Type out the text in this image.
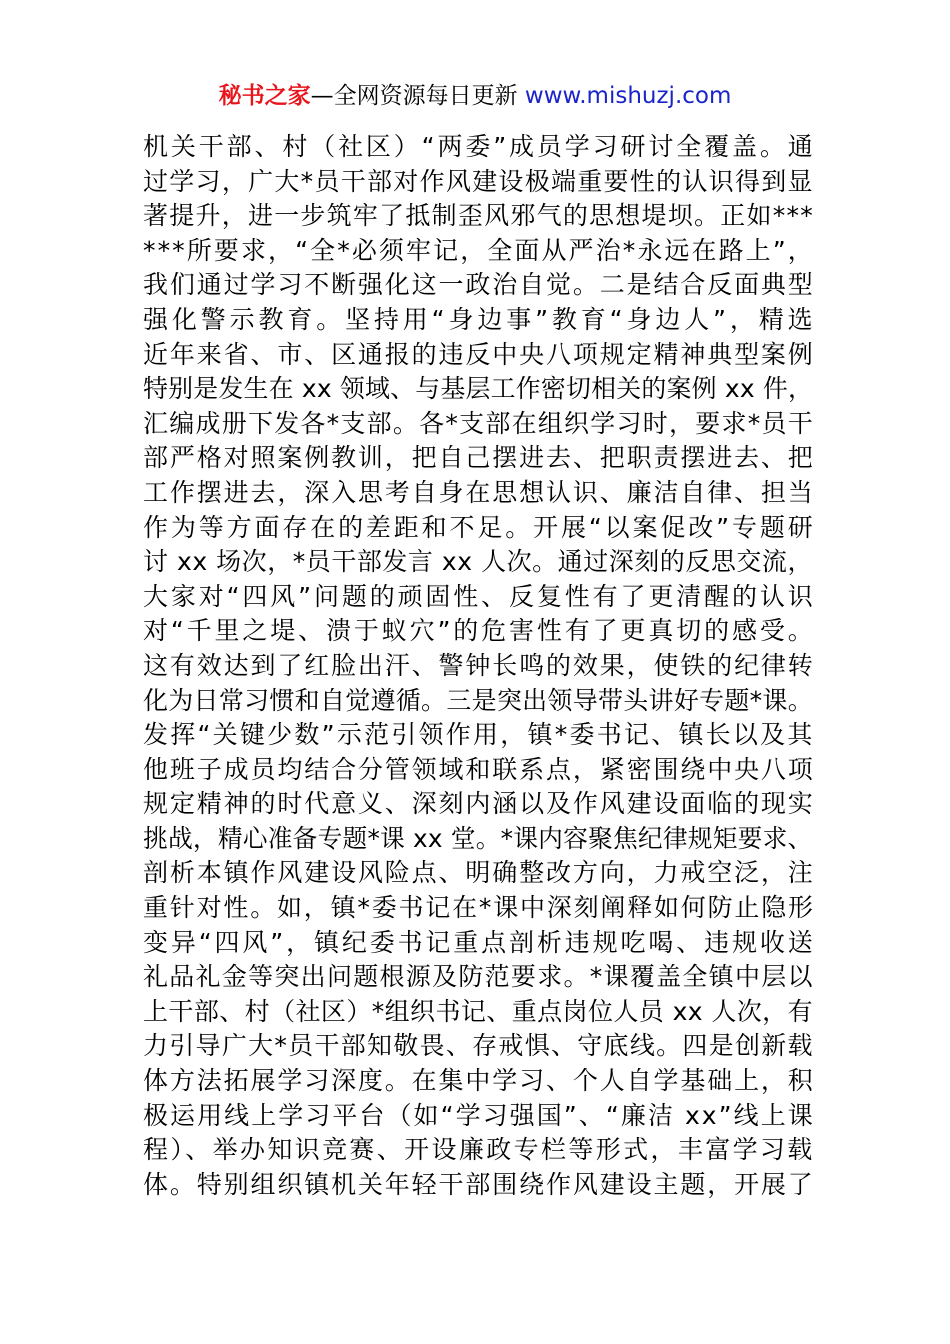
秘书之家—全网资源每日更新 www.mishuzj.com
机关干部、村（社区）“两委”成员学习研讨全覆盖。通
过学习，广大*员干部对作风建设极端重要性的认识得到显
著提升，进一步筑牢了抵制歪风邪气的思想堤坝。正如***
***所要求，“全*必须牢记，全面从严治*永远在路上”，
我们通过学习不断强化这一政治自觉。二是结合反面典型
强化警示教育。坚持用“身边事”教育“身边人”，精选
近年来省、市、区通报的违反中央八项规定精神典型案例
特别是发生在 xx 领域、与基层工作密切相关的案例 xx 件，
汇编成册下发各*支部。各*支部在组织学习时，要求*员干
部严格对照案例教训，把自己摆进去、把职责摆进去、把
工作摆进去，深入思考自身在思想认识、廉洁自律、担当
作为等方面存在的差距和不足。开展“以案促改”专题研
讨 xx 场次，*员干部发言 xx 人次。通过深刻的反思交流，
大家对“四风”问题的顽固性、反复性有了更清醒的认识
对“千里之堤、溃于蚁穴”的危害性有了更真切的感受。
这有效达到了红脸出汗、警钟长鸣的效果，使铁的纪律转
化为日常习惯和自觉遵循。三是突出领导带头讲好专题*课。
发挥“关键少数”示范引领作用，镇*委书记、镇长以及其
他班子成员均结合分管领域和联系点，紧密围绕中央八项
规定精神的时代意义、深刻内涵以及作风建设面临的现实
挑战，精心准备专题*课 xx 堂。*课内容聚焦纪律规矩要求、
剖析本镇作风建设风险点、明确整改方向，力戒空泛，注
重针对性。如，镇*委书记在*课中深刻阐释如何防止隐形
变异“四风”，镇纪委书记重点剖析违规吃喝、违规收送
礼品礼金等突出问题根源及防范要求。*课覆盖全镇中层以
上干部、村（社区）*组织书记、重点岗位人员 xx 人次，有
力引导广大*员干部知敬畏、存戒惧、守底线。四是创新载
体方法拓展学习深度。在集中学习、个人自学基础上，积
极运用线上学习平台（如“学习强国”、“廉洁 xx”线上课
程）、举办知识竞赛、开设廉政专栏等形式，丰富学习载
体。特别组织镇机关年轻干部围绕作风建设主题，开展了
